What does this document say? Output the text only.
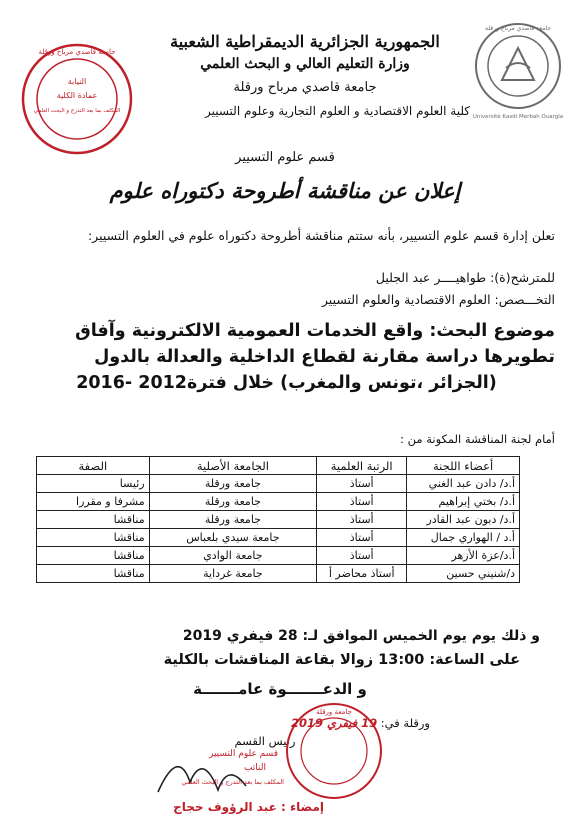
جامعة قاصدي مرباح ورقلة
النيابة
عمادة الكلية
المكلف بما بعد التدرج و البحث العلمي
جامعة قاصدي مرباح ورقلة
Université Kasdi Merbah Ouargla
الجمهورية الجزائرية الديمقراطية الشعبية
وزارة التعليم العالي و البحث العلمي
جامعة قاصدي مرباح ورقلة
كلية العلوم الاقتصادية و العلوم التجارية وعلوم التسيير
قسم علوم التسيير
إعلان عن مناقشة أطروحة دكتوراه علوم
تعلن إدارة قسم علوم التسيير، بأنه ستتم مناقشة أطروحة دكتوراه علوم في العلوم التسيير:
للمترشح(ة): طواهيــــر عبد الجليل
التخـــصص: العلوم الاقتصادية والعلوم التسيير
موضوع البحث: واقع الخدمات العمومية الالكترونية وآفاق
تطويرها دراسة مقارنة لقطاع الداخلية والعدالة بالدول
(الجزائر ،تونس والمغرب) خلال فترة2012 -2016
أمام لجنة المناقشة المكونة من :
أعضاء اللجنة	الرتبة العلمية	الجامعة الأصلية	الصفة
أ.د/ دادن عبد الغني	أستاذ	جامعة ورقلة	رئيسا
أ.د/ بختي إبراهيم	أستاذ	جامعة ورقلة	مشرفا و مقررا
أ.د/ دبون عبد القادر	أستاذ	جامعة ورقلة	مناقشا
أ.د / الهواري جمال	أستاذ	جامعة سيدي بلعباس	مناقشا
أ.د/عزة الأزهر	أستاذ	جامعة الوادي	مناقشا
د/شنيني حسين	أستاذ محاضر أ	جامعة غرداية	مناقشا
و ذلك يوم يوم الخميس الموافق لـ: 28 فيفري 2019
على الساعة: 13:00 زوالا بقاعة المناقشات بالكلية
و الدعـــــــوة عامـــــــة
ورقلة في: 19 فيفري 2019
رئيس القسم
جامعة ورقلة
قسم علوم التسيير
الناتب
المكلف بما بعد التدرج و البحث العلمي
إمضاء : عبد الرؤوف حجاج
